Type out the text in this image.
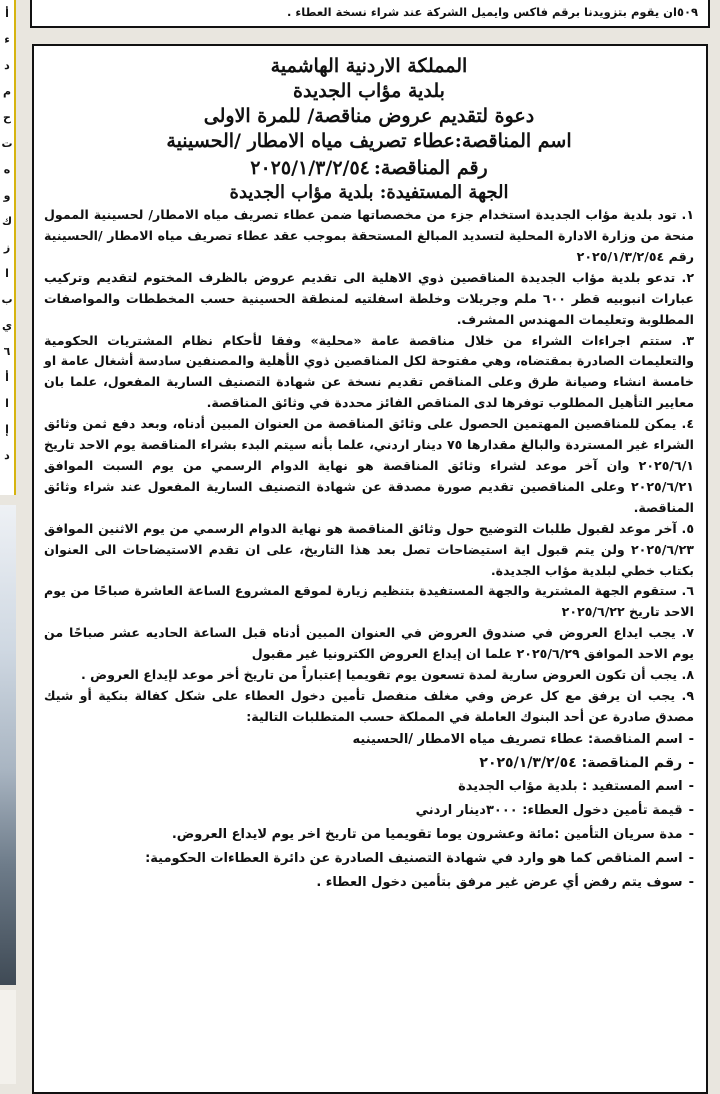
٥٠٩ان يقوم بتزويدنا برقم فاكس وايميل الشركة عند شراء نسخة العطاء .
أ
ء
د
م
ح
ت
ه
و
ك
ز
ا
ب
ي
٦
أ
ا
إ
د

المملكة الاردنية الهاشمية

بلدية مؤاب الجديدة

دعوة لتقديم عروض مناقصة/ للمرة الاولى

اسم المناقصة:عطاء تصريف مياه الامطار /الحسينية

رقم المناقصة:٢٠٢٥/١/٣/٢/٥٤

الجهة المستفيدة: بلدية مؤاب الجديدة

١. تود بلدية مؤاب الجديدة استخدام جزء من مخصصاتها ضمن عطاء تصريف مياه الامطار/ لحسينية الممول منحة من وزارة الادارة المحلية لتسديد المبالغ المستحقة بموجب عقد عطاء تصريف مياه الامطار /الحسينية رقم ٢٠٢٥/١/٣/٢/٥٤

٢. تدعو بلدية مؤاب الجديدة المناقصين ذوي الاهلية الى تقديم عروض بالظرف المختوم لتقديم وتركيب عبارات انبوبيه قطر ٦٠٠ ملم وجريلات وخلطة اسفلتيه لمنطقة الحسينية حسب المخططات والمواصفات المطلوبة وتعليمات المهندس المشرف.

٣. ستتم اجراءات الشراء من خلال مناقصة عامة «محلية» وفقا لأحكام نظام المشتريات الحكومية والتعليمات الصادرة بمقتضاه، وهي مفتوحة لكل المناقصين ذوي الأهلية والمصنفين سادسة أشغال عامة او خامسة انشاء وصيانة طرق وعلى المناقص تقديم نسخة عن شهادة التصنيف السارية المفعول، علما بان معايير التأهيل المطلوب توفرها لدى المناقص الفائز محددة في وثائق المناقصة.

٤. يمكن للمناقصين المهتمين الحصول على وثائق المناقصة من العنوان المبين أدناه، وبعد دفع ثمن وثائق الشراء غير المستردة والبالغ مقدارها ٧٥ دينار اردني، علما بأنه سيتم البدء بشراء المناقصة يوم الاحد تاريخ ٢٠٢٥/٦/١ وان آخر موعد لشراء وثائق المناقصة هو نهاية الدوام الرسمي من يوم السبت الموافق ٢٠٢٥/٦/٢١ وعلى المناقصين تقديم صورة مصدقة عن شهادة التصنيف السارية المفعول عند شراء وثائق المناقصة.

٥. آخر موعد لقبول طلبات التوضيح حول وثائق المناقصة هو نهاية الدوام الرسمي من يوم الاثنين الموافق ٢٠٢٥/٦/٢٣ ولن يتم قبول اية استيضاحات تصل بعد هذا التاريخ، على ان تقدم الاستيضاحات الى العنوان بكتاب خطي لبلدية مؤاب الجديدة.

٦. ستقوم الجهة المشترية والجهة المستفيدة بتنظيم زيارة لموقع المشروع الساعة العاشرة صباحًا من يوم الاحد تاريخ ٢٠٢٥/٦/٢٢

٧. يجب ايداع العروض في صندوق العروض في العنوان المبين أدناه قبل الساعة الحاديه عشر صباحًا من يوم الاحد الموافق ٢٠٢٥/٦/٢٩ علما ان إيداع العروض الكترونيا غير مقبول

٨. يجب أن تكون العروض سارية لمدة تسعون يوم تقويميا إعتباراً من تاريخ أخر موعد لإيداع العروض .

٩. يجب ان يرفق مع كل عرض وفي مغلف منفصل تأمين دخول العطاء على شكل كفالة بنكية أو شيك مصدق صادرة عن أحد البنوك العاملة في المملكة حسب المتطلبات التالية:

-اسم المناقصة: عطاء تصريف مياه الامطار /الحسينيه
-رقم المناقصة: ٢٠٢٥/١/٣/٢/٥٤
-اسم المستفيد : بلدية مؤاب الجديدة
-قيمة تأمين دخول العطاء: ٣٠٠٠دينار اردني
-مدة سريان التأمين :مائة وعشرون يوما تقويميا من تاريخ اخر يوم لايداع العروض.
-اسم المناقص كما هو وارد في شهادة التصنيف الصادرة عن دائرة العطاءات الحكومية:
-سوف يتم رفض أي عرض غير مرفق بتأمين دخول العطاء .
